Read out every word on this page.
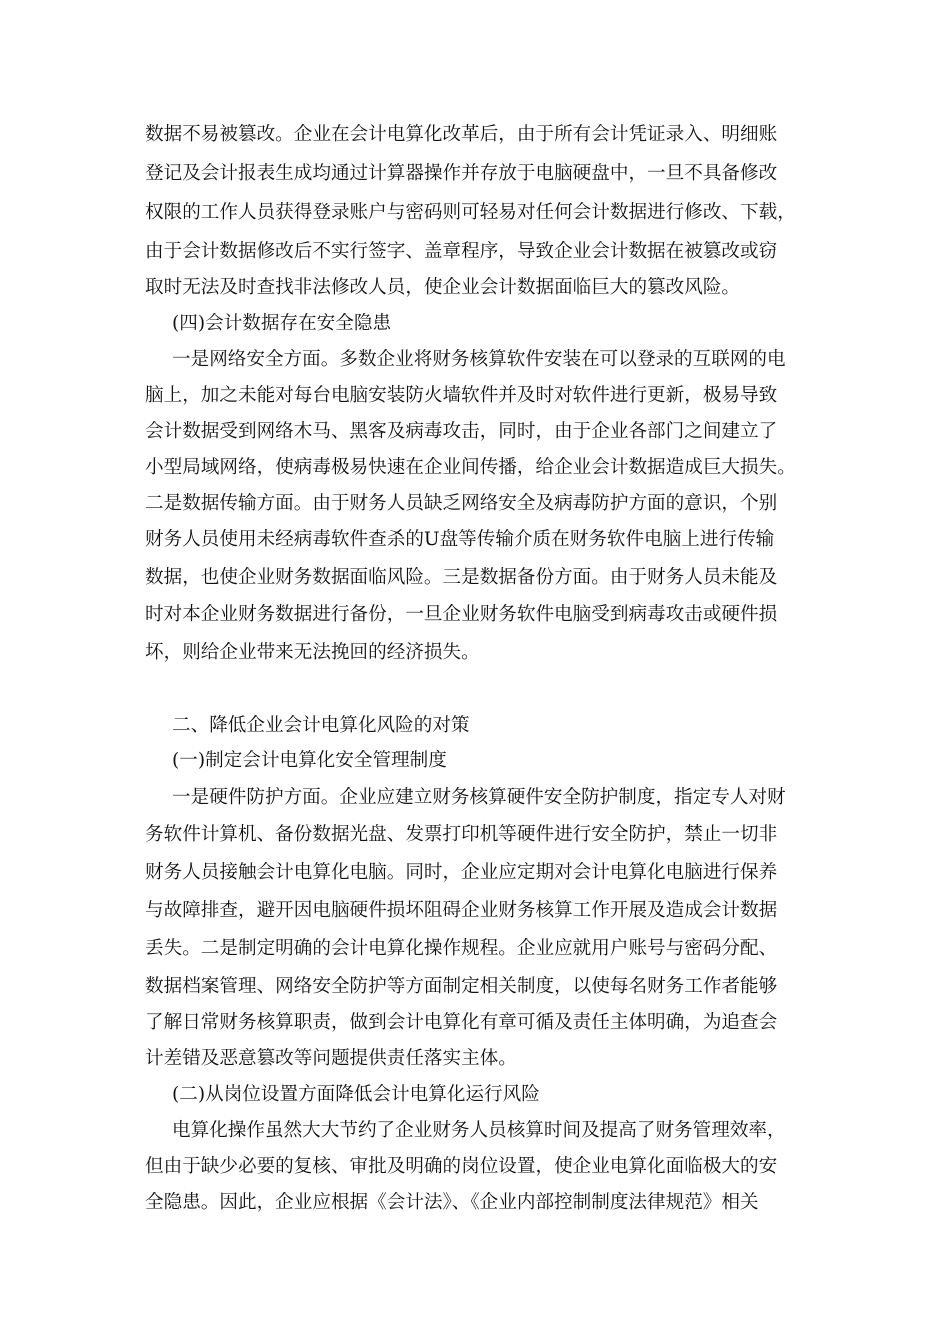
数据不易被篡改。企业在会计电算化改革后，由于所有会计凭证录入、明细账
登记及会计报表生成均通过计算器操作并存放于电脑硬盘中，一旦不具备修改
权限的工作人员获得登录账户与密码则可轻易对任何会计数据进行修改、下载，
由于会计数据修改后不实行签字、盖章程序，导致企业会计数据在被篡改或窃
取时无法及时查找非法修改人员，使企业会计数据面临巨大的篡改风险。
(四)会计数据存在安全隐患
一是网络安全方面。多数企业将财务核算软件安装在可以登录的互联网的电
脑上，加之未能对每台电脑安装防火墙软件并及时对软件进行更新，极易导致
会计数据受到网络木马、黑客及病毒攻击，同时，由于企业各部门之间建立了
小型局域网络，使病毒极易快速在企业间传播，给企业会计数据造成巨大损失。
二是数据传输方面。由于财务人员缺乏网络安全及病毒防护方面的意识，个别
财务人员使用未经病毒软件查杀的U盘等传输介质在财务软件电脑上进行传输
数据，也使企业财务数据面临风险。三是数据备份方面。由于财务人员未能及
时对本企业财务数据进行备份，一旦企业财务软件电脑受到病毒攻击或硬件损
坏，则给企业带来无法挽回的经济损失。
二、降低企业会计电算化风险的对策
(一)制定会计电算化安全管理制度
一是硬件防护方面。企业应建立财务核算硬件安全防护制度，指定专人对财
务软件计算机、备份数据光盘、发票打印机等硬件进行安全防护，禁止一切非
财务人员接触会计电算化电脑。同时，企业应定期对会计电算化电脑进行保养
与故障排查，避开因电脑硬件损坏阻碍企业财务核算工作开展及造成会计数据
丢失。二是制定明确的会计电算化操作规程。企业应就用户账号与密码分配、
数据档案管理、网络安全防护等方面制定相关制度，以使每名财务工作者能够
了解日常财务核算职责，做到会计电算化有章可循及责任主体明确，为追查会
计差错及恶意篡改等问题提供责任落实主体。
(二)从岗位设置方面降低会计电算化运行风险
电算化操作虽然大大节约了企业财务人员核算时间及提高了财务管理效率，
但由于缺少必要的复核、审批及明确的岗位设置，使企业电算化面临极大的安
全隐患。因此，企业应根据《会计法》、《企业内部控制制度法律规范》相关
